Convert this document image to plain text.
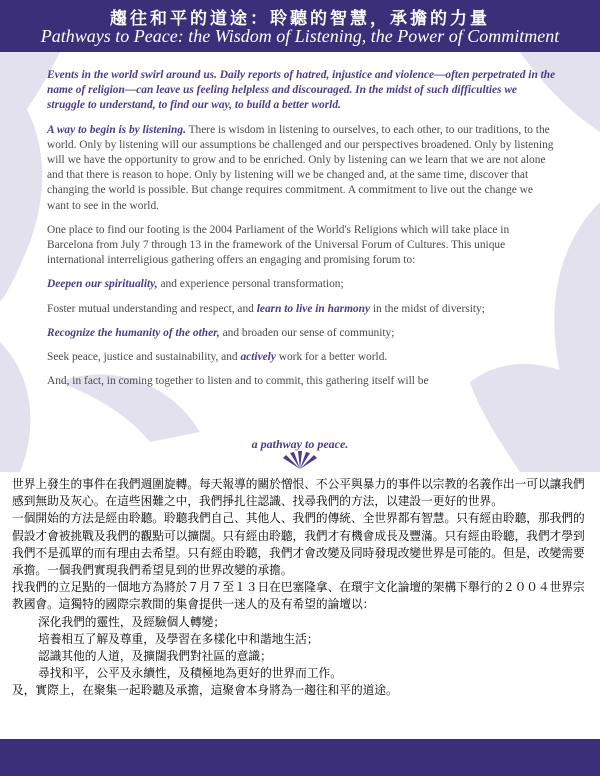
趨往和平的道途：聆聽的智慧，承擔的力量
Pathways to Peace: the Wisdom of Listening, the Power of Commitment

Events in the world swirl around us. Daily reports of hatred, injustice and violence—often perpetrated in the name of religion—can leave us feeling helpless and discouraged. In the midst of such difficulties we struggle to understand, to find our way, to build a better world.

A way to begin is by listening. There is wisdom in listening to ourselves, to each other, to our traditions, to the world. Only by listening will our assumptions be challenged and our perspectives broadened. Only by listening will we have the opportunity to grow and to be enriched. Only by listening can we learn that we are not alone and that there is reason to hope. Only by listening will we be changed and, at the same time, discover that changing the world is possible. But change requires commitment. A commitment to live out the change we want to see in the world.

One place to find our footing is the 2004 Parliament of the World's Religions which will take place in Barcelona from July 7 through 13 in the framework of the Universal Forum of Cultures. This unique international interreligious gathering offers an engaging and promising forum to:

Deepen our spirituality, and experience personal transformation;

Foster mutual understanding and respect, and learn to live in harmony in the midst of diversity;

Recognize the humanity of the other, and broaden our sense of community;

Seek peace, justice and sustainability, and actively work for a better world.

And, in fact, in coming together to listen and to commit, this gathering itself will be

a pathway to peace.

世界上發生的事件在我們週圍旋轉。每天報導的關於憎恨、不公平與暴力的事件以宗教的名義作出一可以讓我們感到無助及灰心。在這些困難之中，我們掙扎往認識、找尋我們的方法，以建設一更好的世界。

一個開始的方法是經由聆聽。聆聽我們自己、其他人、我們的傳統、全世界都有智慧。只有經由聆聽，那我們的假設才會被挑戰及我們的觀點可以擴闊。只有經由聆聽，我們才有機會成長及豐滿。只有經由聆聽，我們才學到我們不是孤單的而有理由去希望。只有經由聆聽，我們才會改變及同時發現改變世界是可能的。但是，改變需要承擔。一個我們實現我們希望見到的世界改變的承擔。

找我們的立足點的一個地方為將於７月７至１３日在巴塞隆拿、在環宇文化論壇的架構下舉行的２００４世界宗教國會。這獨特的國際宗教間的集會提供一迷人的及有希望的論壇以：

深化我們的靈性，及經驗個人轉變；

培養相互了解及尊重，及學習在多樣化中和諧地生活；

認識其他的人道，及擴闊我們對社區的意識；

尋找和平，公平及永續性，及積極地為更好的世界而工作。

及，實際上，在聚集一起聆聽及承擔，這聚會本身將為一趨往和平的道途。
